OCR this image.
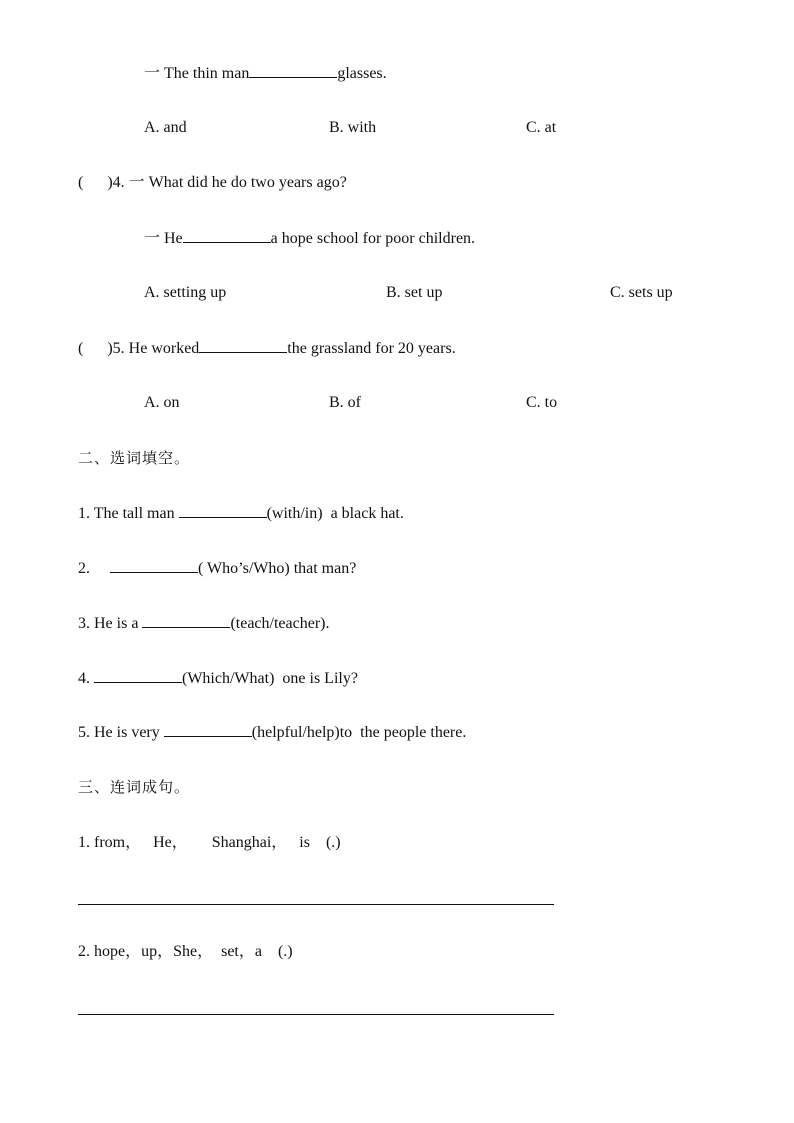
一 The thin man	glasses.
A. and	B. with	C. at
(      )4. 一 What did he do two years ago?
一 He	a hope school for poor children.
A. setting up	B. set up	C. sets up
(      )5. He worked	the grassland for 20 years.
A. on	B. of	C. to
二、选词填空。
1. The tall man	(with/in)  a black hat.
2.	( Who’s/Who) that man?
3. He is a	(teach/teacher).
4.	(Which/What)  one is Lily?
5. He is very	(helpful/help)to  the people there.
三、连词成句。
1. from，   He，      Shanghai，   is    (.)
2. hope，up，She，  set，a    (.)
